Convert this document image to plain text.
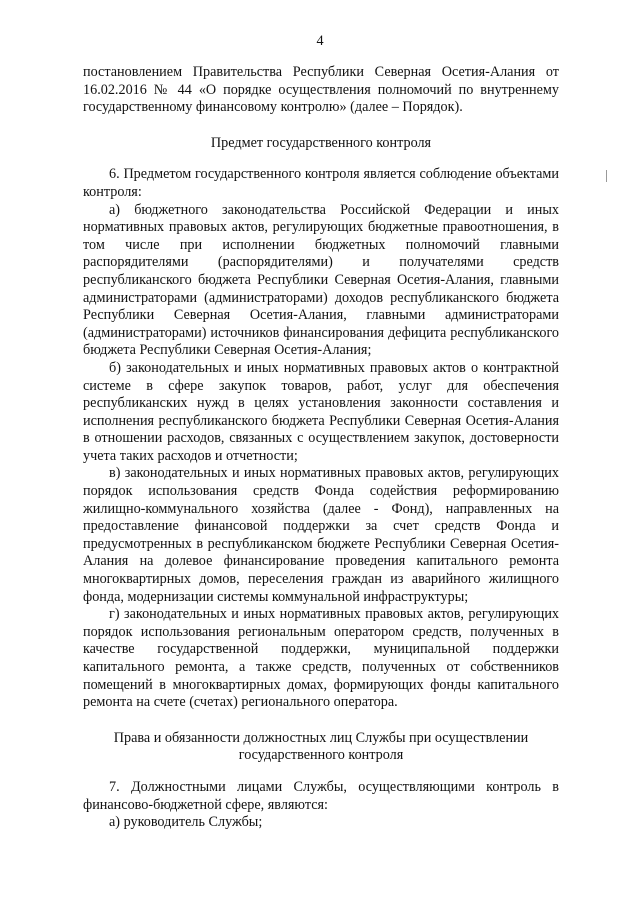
4

постановлением Правительства Республики Северная Осетия-Алания от 16.02.2016 № 44 «О порядке осуществления полномочий по внутреннему государственному финансовому контролю» (далее – Порядок).

Предмет государственного контроля

6. Предметом государственного контроля является соблюдение объектами контроля:

а) бюджетного законодательства Российской Федерации и иных нормативных правовых актов, регулирующих бюджетные правоотношения, в том числе при исполнении бюджетных полномочий главными распорядителями (распорядителями) и получателями средств республиканского бюджета Республики Северная Осетия-Алания, главными администраторами (администраторами) доходов республиканского бюджета Республики Северная Осетия-Алания, главными администраторами (администраторами) источников финансирования дефицита республиканского бюджета Республики Северная Осетия-Алания;

б) законодательных и иных нормативных правовых актов о контрактной системе в сфере закупок товаров, работ, услуг для обеспечения республиканских нужд в целях установления законности составления и исполнения республиканского бюджета Республики Северная Осетия-Алания в отношении расходов, связанных с осуществлением закупок, достоверности учета таких расходов и отчетности;

в) законодательных и иных нормативных правовых актов, регулирующих порядок использования средств Фонда содействия реформированию жилищно-коммунального хозяйства (далее - Фонд), направленных на предоставление финансовой поддержки за счет средств Фонда и предусмотренных в республиканском бюджете Республики Северная Осетия-Алания на долевое финансирование проведения капитального ремонта многоквартирных домов, переселения граждан из аварийного жилищного фонда, модернизации системы коммунальной инфраструктуры;

г) законодательных и иных нормативных правовых актов, регулирующих порядок использования региональным оператором средств, полученных в качестве государственной поддержки, муниципальной поддержки капитального ремонта, а также средств, полученных от собственников помещений в многоквартирных домах, формирующих фонды капитального ремонта на счете (счетах) регионального оператора.

Права и обязанности должностных лиц Службы при осуществлении
государственного контроля

7. Должностными лицами Службы, осуществляющими контроль в финансово-бюджетной сфере, являются:

а) руководитель Службы;
